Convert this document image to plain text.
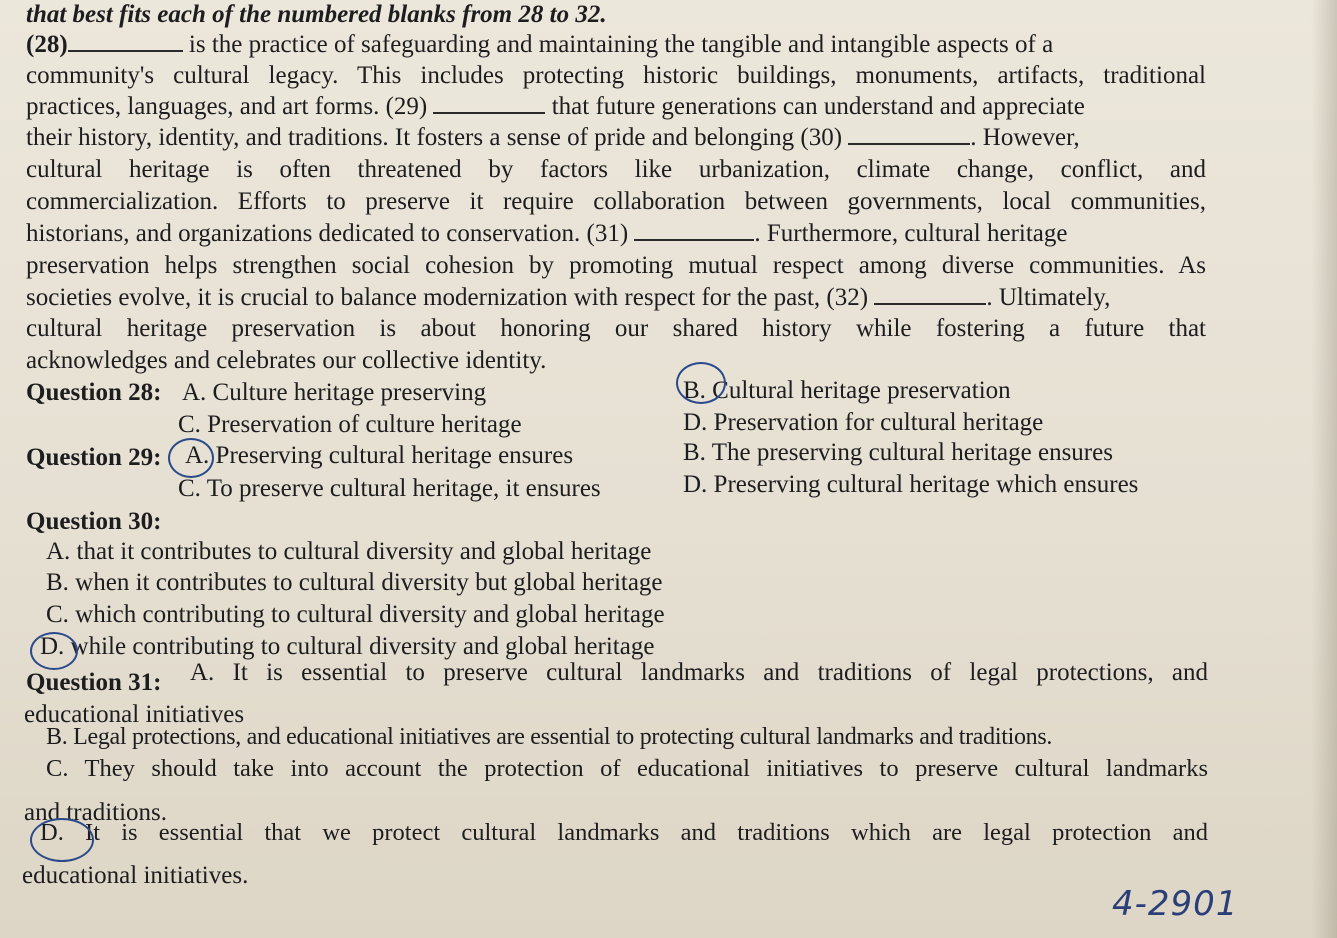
that best fits each of the numbered blanks from 28 to 32.

(28)	is the practice of safeguarding and maintaining the tangible and intangible aspects of a

community's cultural legacy. This includes protecting historic buildings, monuments, artifacts, traditional

practices, languages, and art forms. (29)	that future generations can understand and appreciate

their history, identity, and traditions. It fosters a sense of pride and belonging (30)	. However,

cultural heritage is often threatened by factors like urbanization, climate change, conflict, and

commercialization. Efforts to preserve it require collaboration between governments, local communities,

historians, and organizations dedicated to conservation. (31)	. Furthermore, cultural heritage

preservation helps strengthen social cohesion by promoting mutual respect among diverse communities. As

societies evolve, it is crucial to balance modernization with respect for the past, (32)	. Ultimately,

cultural heritage preservation is about honoring our shared history while fostering a future that

acknowledges and celebrates our collective identity.

Question 28: A. Culture heritage preserving	B. Cultural heritage preservation

C. Preservation of culture heritage	D. Preservation for cultural heritage

Question 29: A. Preserving cultural heritage ensures	B. The preserving cultural heritage ensures

C. To preserve cultural heritage, it ensures	D. Preserving cultural heritage which ensures

Question 30:

A. that it contributes to cultural diversity and global heritage

B. when it contributes to cultural diversity but global heritage

C. which contributing to cultural diversity and global heritage

D. while contributing to cultural diversity and global heritage

Question 31: A. It is essential to preserve cultural landmarks and traditions of legal protections, and

educational initiatives

B. Legal protections, and educational initiatives are essential to protecting cultural landmarks and traditions.

C. They should take into account the protection of educational initiatives to preserve cultural landmarks

and traditions.

D. It is essential that we protect cultural landmarks and traditions which are legal protection and

educational initiatives.

4-2901
